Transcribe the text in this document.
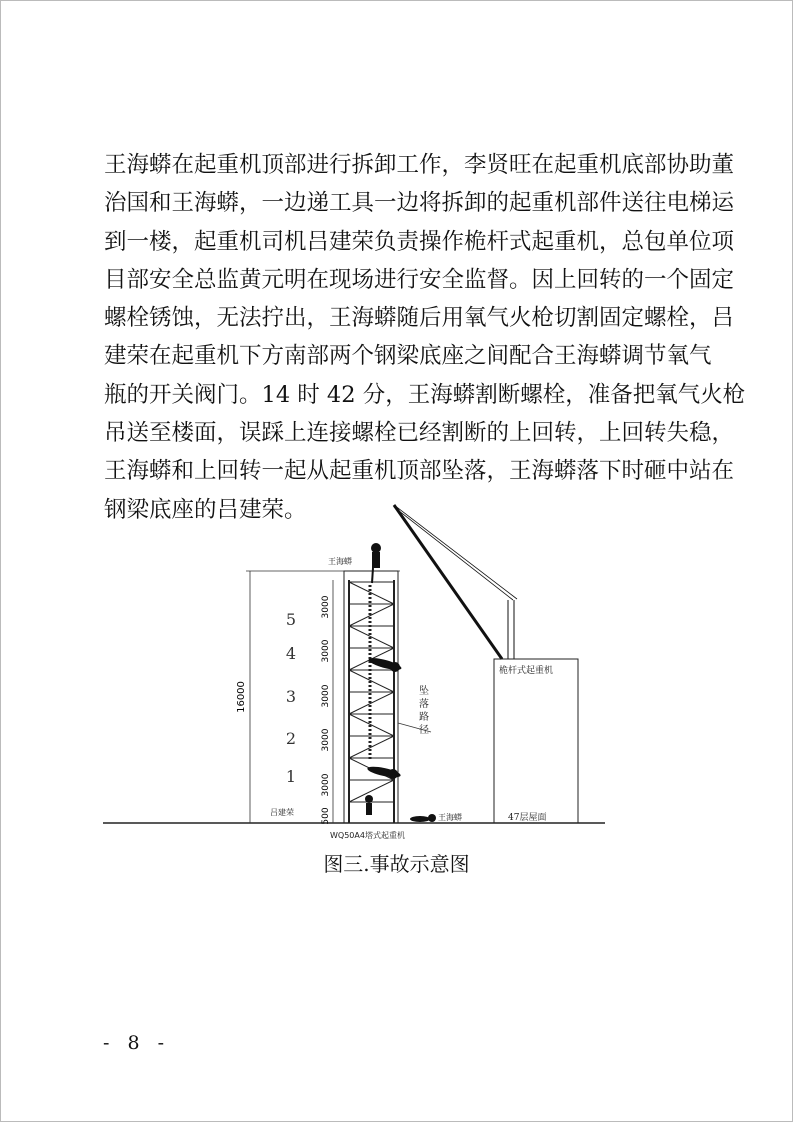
王海蟒在起重机顶部进行拆卸工作，李贤旺在起重机底部协助董
治国和王海蟒，一边递工具一边将拆卸的起重机部件送往电梯运
到一楼，起重机司机吕建荣负责操作桅杆式起重机，总包单位项
目部安全总监黄元明在现场进行安全监督。因上回转的一个固定
螺栓锈蚀，无法拧出，王海蟒随后用氧气火枪切割固定螺栓，吕
建荣在起重机下方南部两个钢梁底座之间配合王海蟒调节氧气
瓶的开关阀门。14 时 42 分，王海蟒割断螺栓，准备把氧气火枪
吊送至楼面，误踩上连接螺栓已经割断的上回转，上回转失稳，
王海蟒和上回转一起从起重机顶部坠落，王海蟒落下时砸中站在
钢梁底座的吕建荣。
16000
3000
3000
3000
3000
3000
500
5
4
3
2
1
王海蟒
王海蟒
吕建荣
WQ50A4塔式起重机
坠
落
路
径
桅杆式起重机
47层屋面
图三.事故示意图
- 8 -
